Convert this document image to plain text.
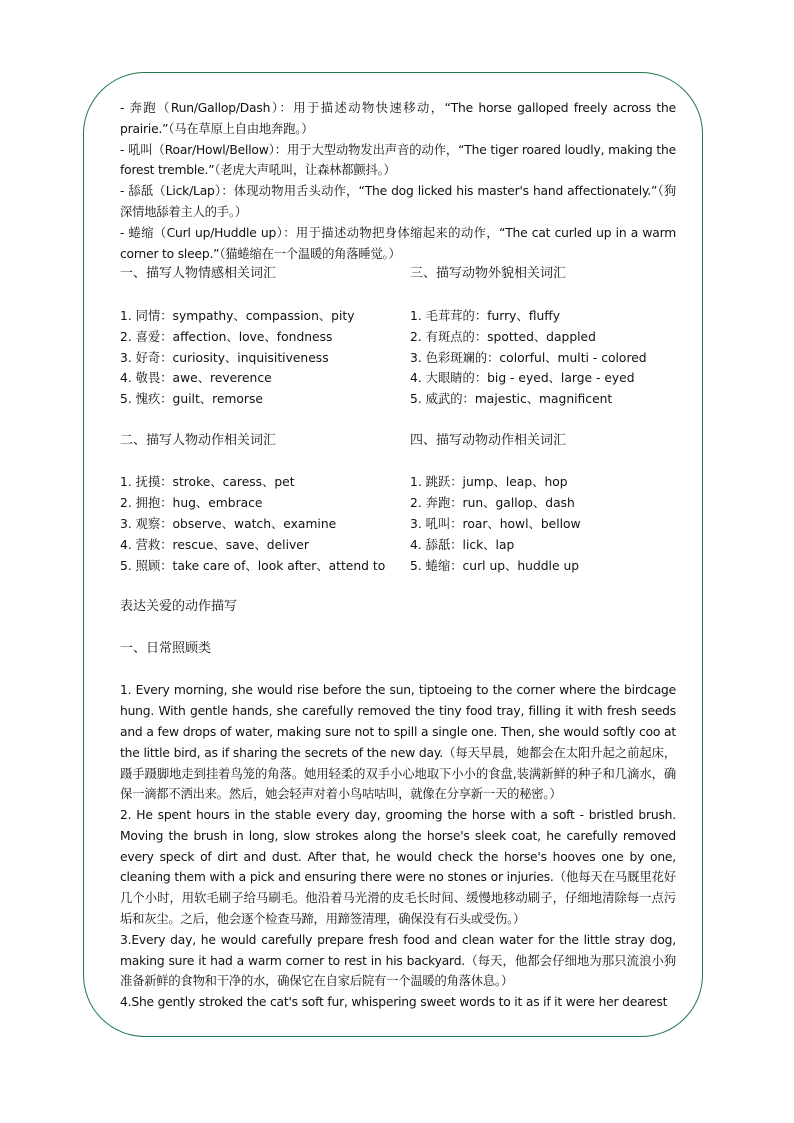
- 奔跑（Run/Gallop/Dash）：用于描述动物快速移动，“The horse galloped freely across the prairie.”（马在草原上自由地奔跑。）

- 吼叫（Roar/Howl/Bellow）：用于大型动物发出声音的动作，“The tiger roared loudly, making the forest tremble.”（老虎大声吼叫，让森林都颤抖。）

- 舔舐（Lick/Lap）：体现动物用舌头动作，“The dog licked his master's hand affectionately.”（狗深情地舔着主人的手。）

- 蜷缩（Curl up/Huddle up）：用于描述动物把身体缩起来的动作，“The cat curled up in a warm corner to sleep.”（猫蜷缩在一个温暖的角落睡觉。）

一、描写人物情感相关词汇

1. 同情：sympathy、compassion、pity

2. 喜爱：affection、love、fondness

3. 好奇：curiosity、inquisitiveness

4. 敬畏：awe、reverence

5. 愧疚：guilt、remorse

三、描写动物外貌相关词汇

1. 毛茸茸的：furry、fluffy

2. 有斑点的：spotted、dappled

3. 色彩斑斓的：colorful、multi - colored

4. 大眼睛的：big - eyed、large - eyed

5. 威武的：majestic、magnificent

二、描写人物动作相关词汇

1. 抚摸：stroke、caress、pet

2. 拥抱：hug、embrace

3. 观察：observe、watch、examine

4. 营救：rescue、save、deliver

5. 照顾：take care of、look after、attend to

四、描写动物动作相关词汇

1. 跳跃：jump、leap、hop

2. 奔跑：run、gallop、dash

3. 吼叫：roar、howl、bellow

4. 舔舐：lick、lap

5. 蜷缩：curl up、huddle up

表达关爱的动作描写

一、日常照顾类

1. Every morning, she would rise before the sun, tiptoeing to the corner where the birdcage hung. With gentle hands, she carefully removed the tiny food tray, filling it with fresh seeds and a few drops of water, making sure not to spill a single one. Then, she would softly coo at the little bird, as if sharing the secrets of the new day.（每天早晨，她都会在太阳升起之前起床，蹑手蹑脚地走到挂着鸟笼的角落。她用轻柔的双手小心地取下小小的食盘,装满新鲜的种子和几滴水，确保一滴都不洒出来。然后，她会轻声对着小鸟咕咕叫，就像在分享新一天的秘密。）

2. He spent hours in the stable every day, grooming the horse with a soft - bristled brush. Moving the brush in long, slow strokes along the horse's sleek coat, he carefully removed every speck of dirt and dust. After that, he would check the horse's hooves one by one, cleaning them with a pick and ensuring there were no stones or injuries.（他每天在马厩里花好几个小时，用软毛刷子给马刷毛。他沿着马光滑的皮毛长时间、缓慢地移动刷子，仔细地清除每一点污垢和灰尘。之后，他会逐个检查马蹄，用蹄签清理，确保没有石头或受伤。）

3.Every day, he would carefully prepare fresh food and clean water for the little stray dog, making sure it had a warm corner to rest in his backyard.（每天，他都会仔细地为那只流浪小狗准备新鲜的食物和干净的水，确保它在自家后院有一个温暖的角落休息。）

4.She gently stroked the cat's soft fur, whispering sweet words to it as if it were her dearest
